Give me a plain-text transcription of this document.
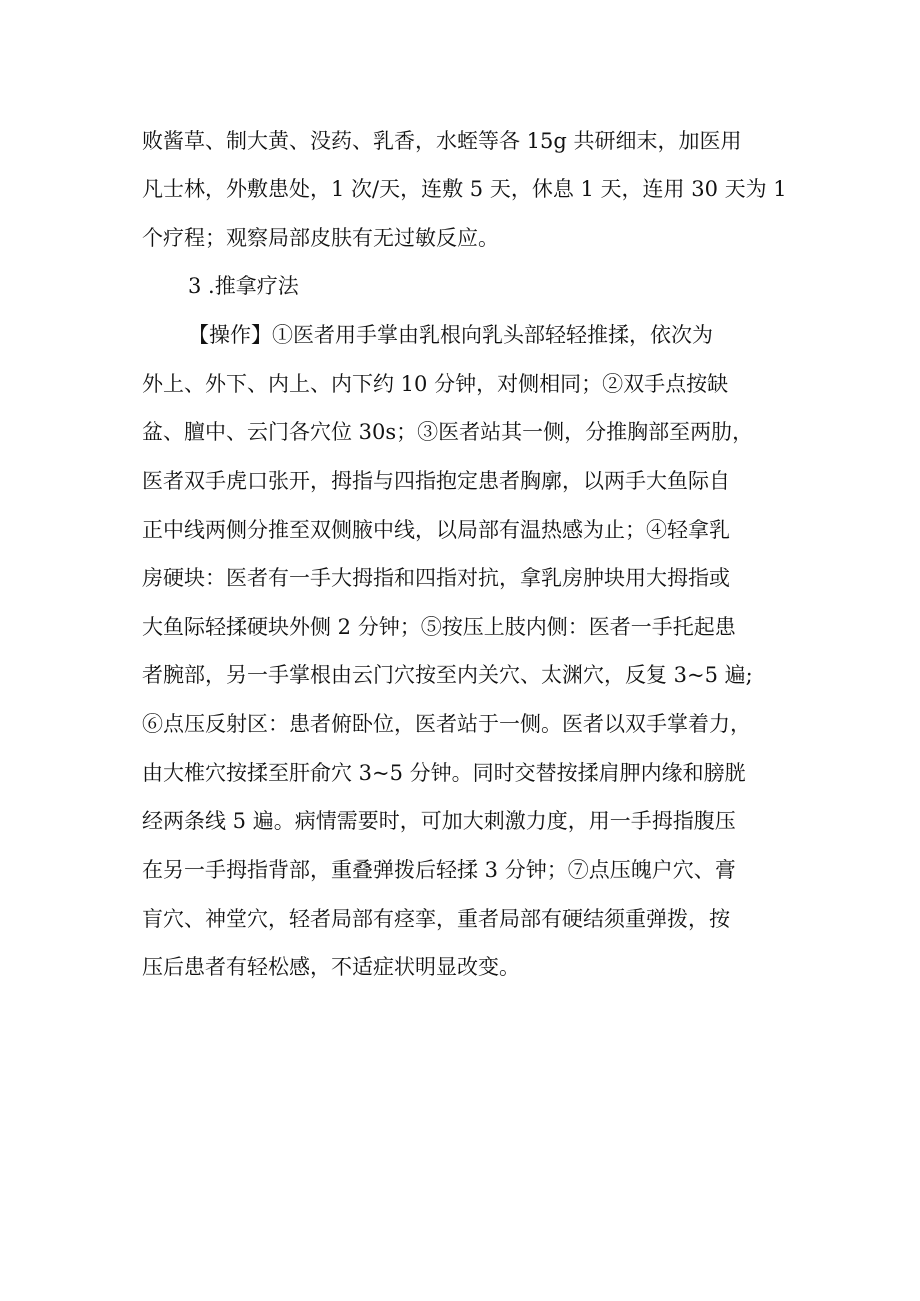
败酱草、制大黄、没药、乳香，水蛭等各 15g 共研细末，加医用

凡士林，外敷患处，1 次/天，连敷 5 天，休息 1 天，连用 30 天为 1

个疗程；观察局部皮肤有无过敏反应。

3 .推拿疗法

【操作】①医者用手掌由乳根向乳头部轻轻推揉，依次为

外上、外下、内上、内下约 10 分钟，对侧相同；②双手点按缺

盆、膻中、云门各穴位 30s；③医者站其一侧，分推胸部至两肋，

医者双手虎口张开，拇指与四指抱定患者胸廓，以两手大鱼际自

正中线两侧分推至双侧腋中线，以局部有温热感为止；④轻拿乳

房硬块：医者有一手大拇指和四指对抗，拿乳房肿块用大拇指或

大鱼际轻揉硬块外侧 2 分钟；⑤按压上肢内侧：医者一手托起患

者腕部，另一手掌根由云门穴按至内关穴、太渊穴，反复 3~5 遍;

⑥点压反射区：患者俯卧位，医者站于一侧。医者以双手掌着力，

由大椎穴按揉至肝俞穴 3~5 分钟。同时交替按揉肩胛内缘和膀胱

经两条线 5 遍。病情需要时，可加大刺激力度，用一手拇指腹压

在另一手拇指背部，重叠弹拨后轻揉 3 分钟；⑦点压魄户穴、膏

肓穴、神堂穴，轻者局部有痉挛，重者局部有硬结须重弹拨，按

压后患者有轻松感，不适症状明显改变。
